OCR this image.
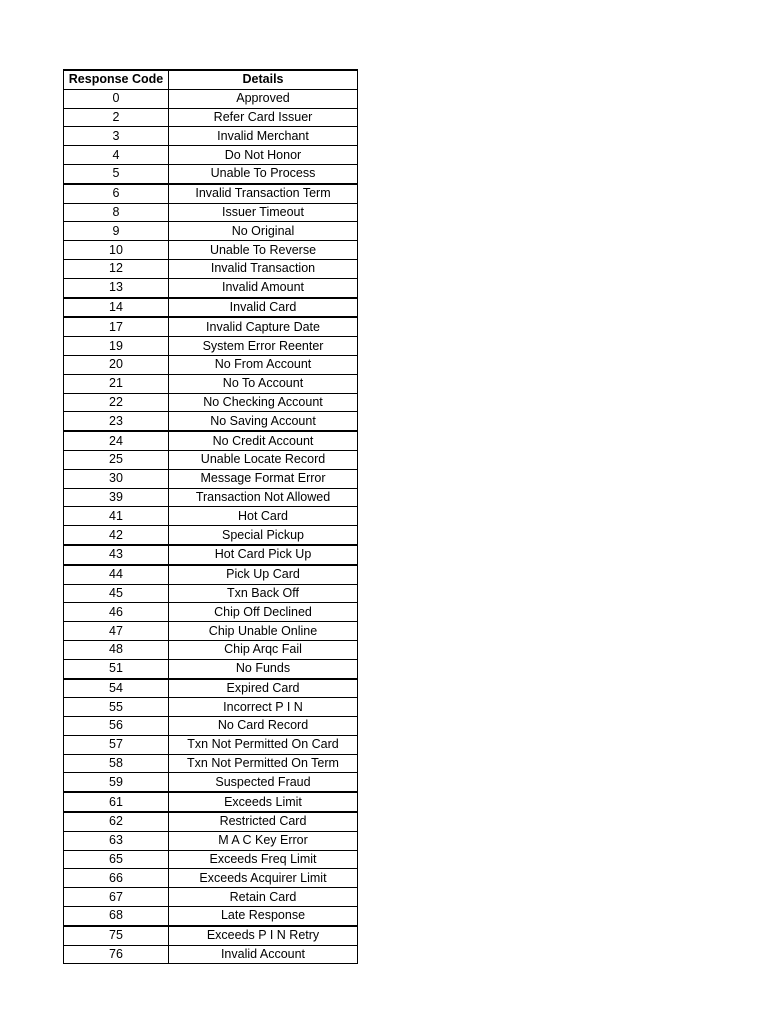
Response Code	Details
0	Approved
2	Refer Card Issuer
3	Invalid Merchant
4	Do Not Honor
5	Unable To Process
6	Invalid Transaction Term
8	Issuer Timeout
9	No Original
10	Unable To Reverse
12	Invalid Transaction
13	Invalid Amount
14	Invalid Card
17	Invalid Capture Date
19	System Error Reenter
20	No From Account
21	No To Account
22	No Checking Account
23	No Saving Account
24	No Credit Account
25	Unable Locate Record
30	Message Format Error
39	Transaction Not Allowed
41	Hot Card
42	Special Pickup
43	Hot Card Pick Up
44	Pick Up Card
45	Txn Back Off
46	Chip Off Declined
47	Chip Unable Online
48	Chip Arqc Fail
51	No Funds
54	Expired Card
55	Incorrect P I N
56	No Card Record
57	Txn Not Permitted On Card
58	Txn Not Permitted On Term
59	Suspected Fraud
61	Exceeds Limit
62	Restricted Card
63	M A C Key Error
65	Exceeds Freq Limit
66	Exceeds Acquirer Limit
67	Retain Card
68	Late Response
75	Exceeds P I N Retry
76	Invalid Account
